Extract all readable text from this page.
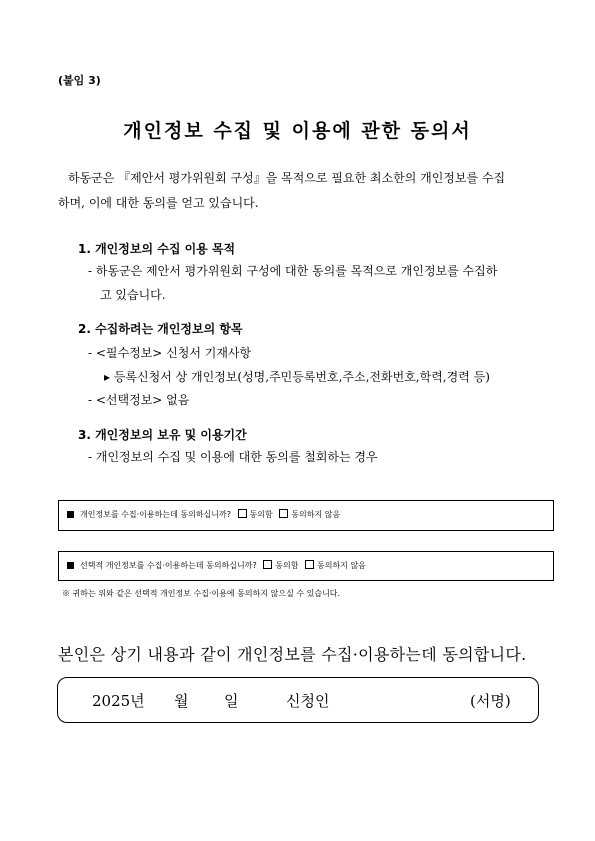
(붙임 3)
개인정보 수집 및 이용에 관한 동의서
하동군은 『제안서 평가위원회 구성』을 목적으로 필요한 최소한의 개인정보를 수집
하며, 이에 대한 동의를 얻고 있습니다.
1. 개인정보의 수집 이용 목적
- 하동군은 제안서 평가위원회 구성에 대한 동의를 목적으로 개인정보를 수집하
고 있습니다.
2. 수집하려는 개인정보의 항목
- <필수정보> 신청서 기재사항
▸ 등록신청서 상 개인정보(성명,주민등록번호,주소,전화번호,학력,경력 등)
- <선택정보> 없음
3. 개인정보의 보유 및 이용기간
- 개인정보의 수집 및 이용에 대한 동의를 철회하는 경우
개인정보를 수집·이용하는데 동의하십니까? 동의함 동의하지 않음
선택적 개인정보를 수집·이용하는데 동의하십니까? 동의함 동의하지 않음
※ 귀하는 위와 같은 선택적 개인정보 수집·이용에 동의하지 않으실 수 있습니다.
본인은 상기 내용과 같이 개인정보를 수집·이용하는데 동의합니다.
2025년 월 일	신청인	(서명)
